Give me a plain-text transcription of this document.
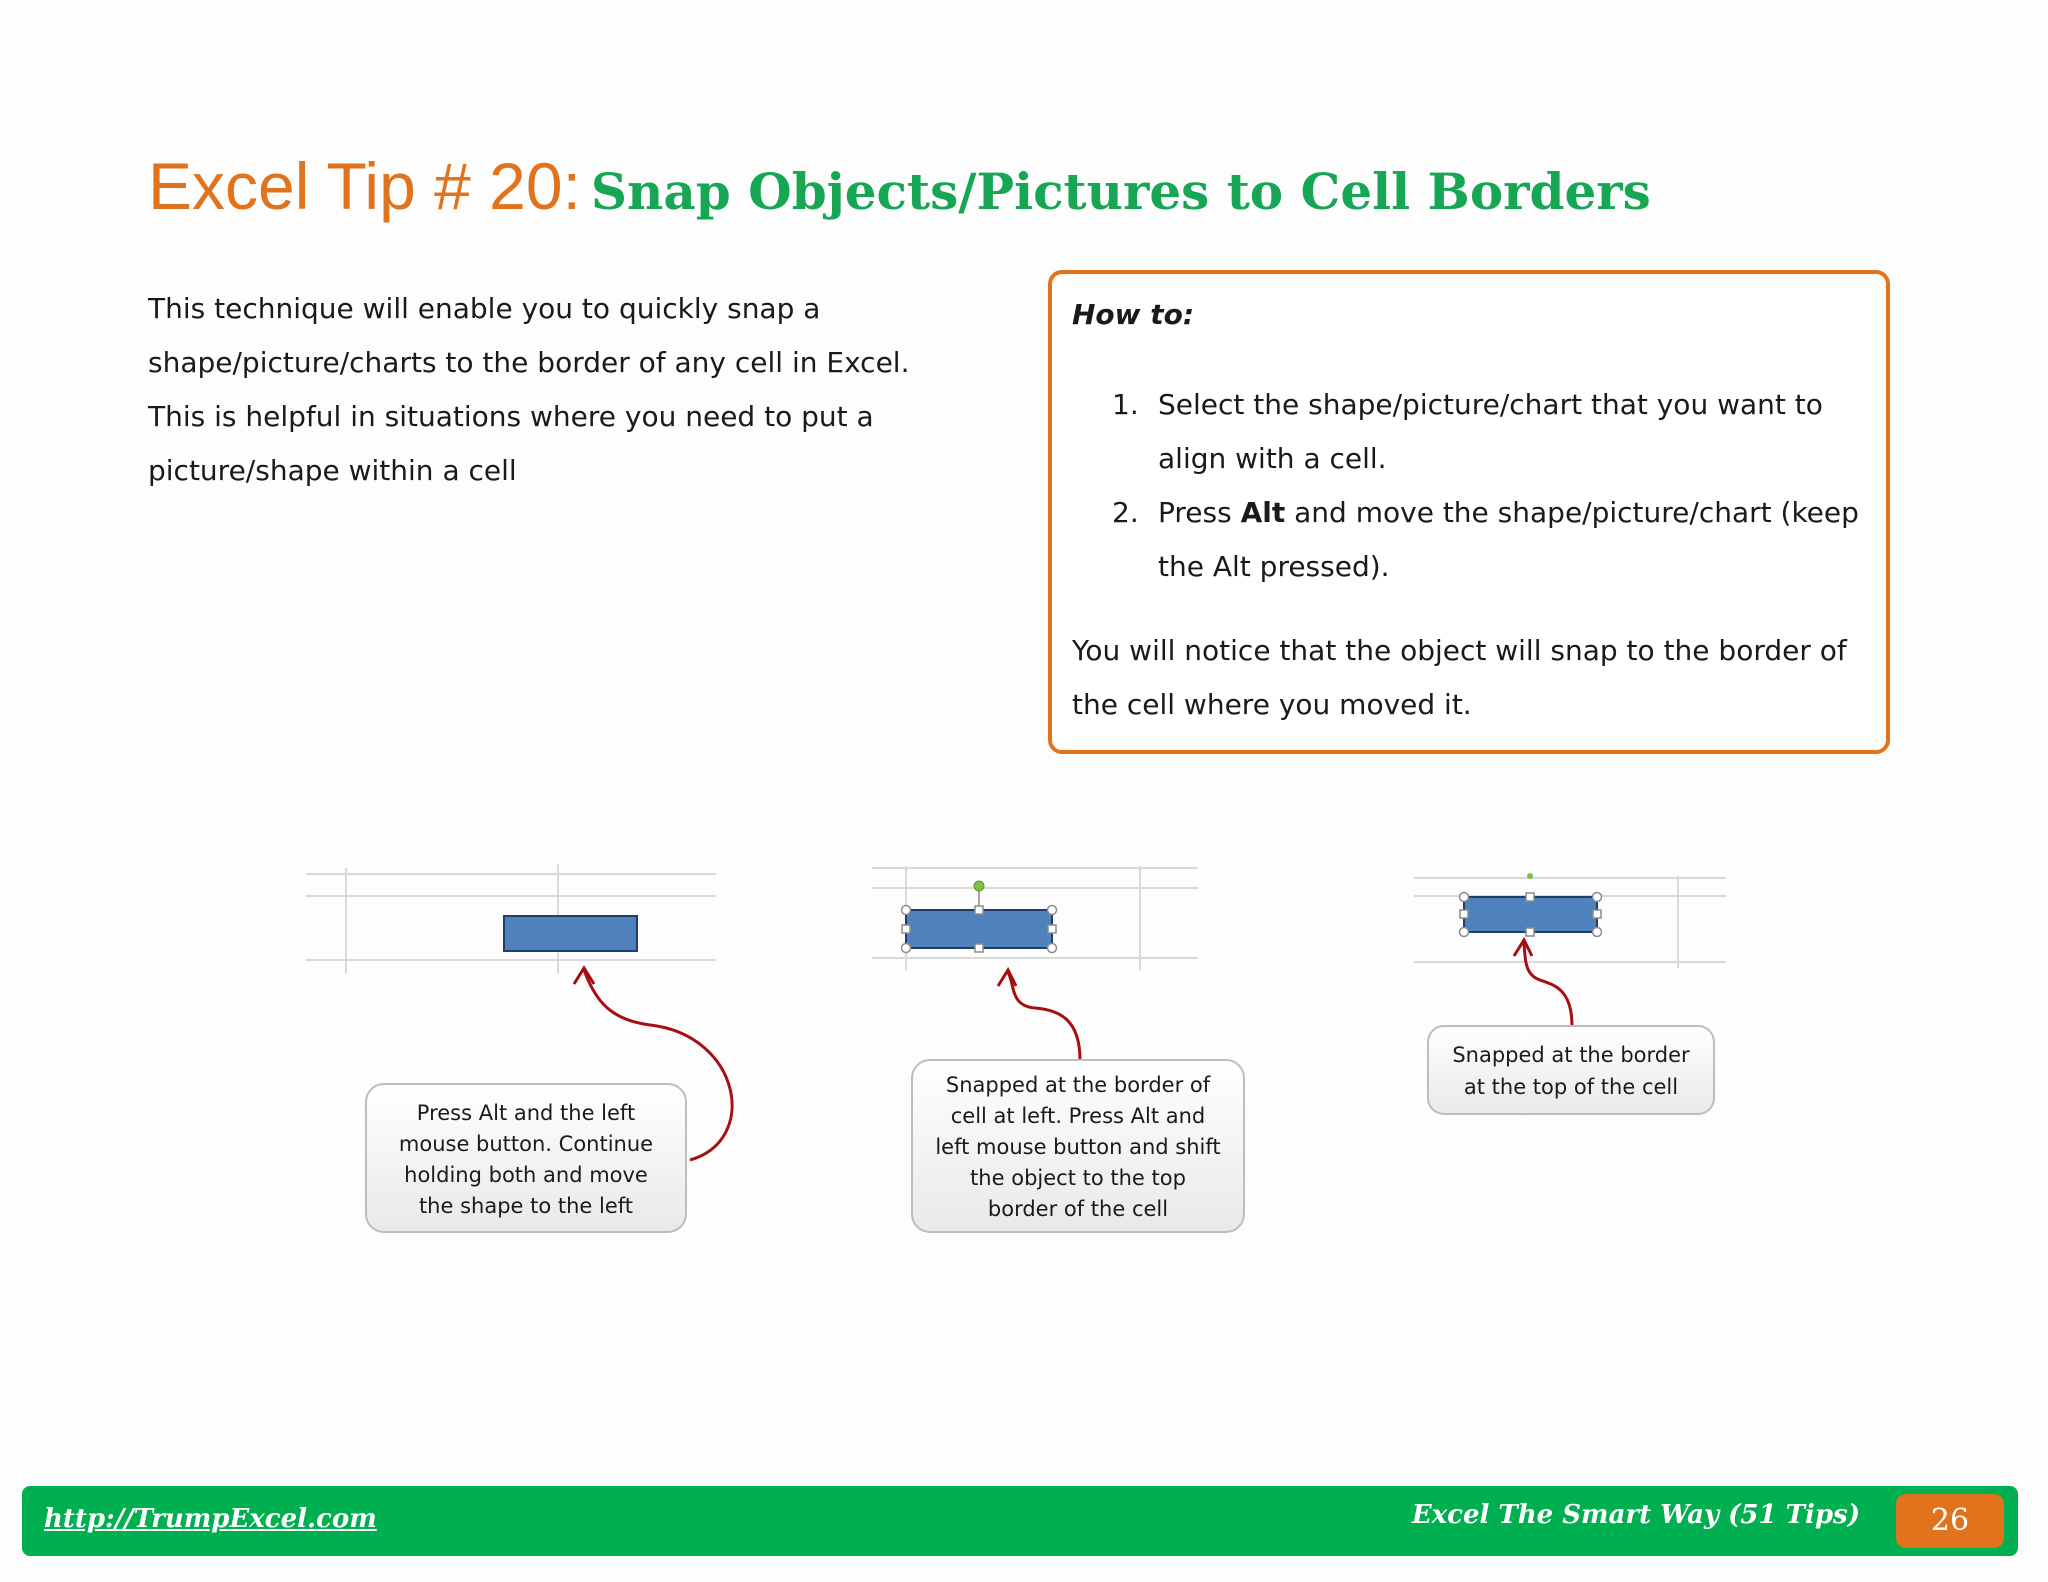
Excel Tip # 20: Snap Objects/Pictures to Cell Borders

This technique will enable you to quickly snap a
shape/picture/charts to the border of any cell in Excel.
This is helpful in situations where you need to put a
picture/shape within a cell

How to:
1. Select the shape/picture/chart that you want to
align with a cell.
2. Press Alt and move the shape/picture/chart (keep
the Alt pressed).

You will notice that the object will snap to the border of
the cell where you moved it.

Press Alt and the left
mouse button. Continue
holding both and move
the shape to the left
Snapped at the border of
cell at left. Press Alt and
left mouse button and shift
the object to the top
border of the cell
Snapped at the border
at the top of the cell
http://TrumpExcel.com	Excel The Smart Way (51 Tips)	26
